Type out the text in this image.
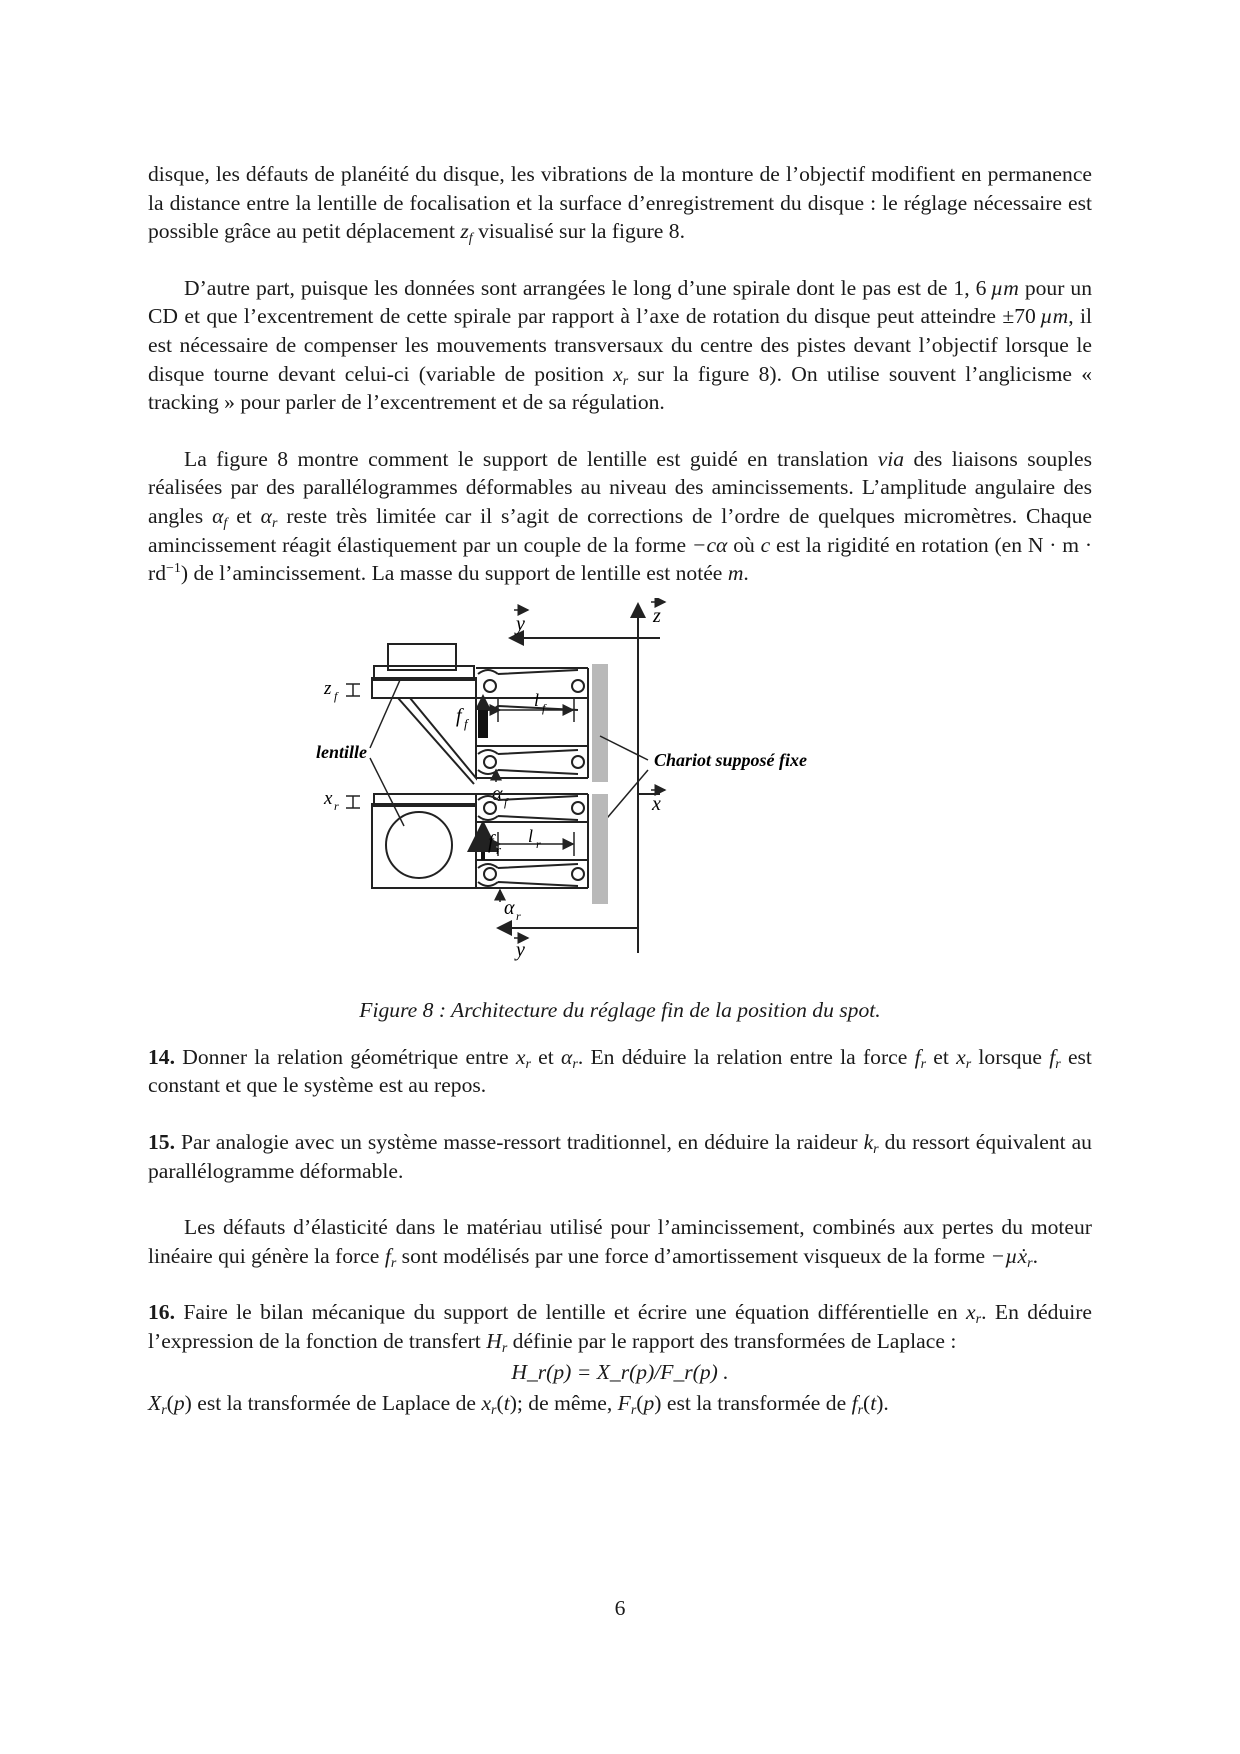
disque, les défauts de planéité du disque, les vibrations de la monture de l’objectif modifient en permanence la distance entre la lentille de focalisation et la surface d’enregistrement du disque : le réglage nécessaire est possible grâce au petit déplacement $z_f$ visualisé sur la figure 8.

D’autre part, puisque les données sont arrangées le long d’une spirale dont le pas est de 1, 6  µm pour un CD et que l’excentrement de cette spirale par rapport à l’axe de rotation du disque peut atteindre ±70  µm, il est nécessaire de compenser les mouvements transversaux du centre des pistes devant l’objectif lorsque le disque tourne devant celui-ci (variable de position $x_r$ sur la figure 8). On utilise souvent l’anglicisme « tracking » pour parler de l’excentrement et de sa régulation.

La figure 8 montre comment le support de lentille est guidé en translation via des liaisons souples réalisées par des parallélogrammes déformables au niveau des amincissements. L’amplitude angulaire des angles $\alpha_f$ et $\alpha_r$ reste très limitée car il s’agit de corrections de l’ordre de quelques micromètres. Chaque amincissement réagit élastiquement par un couple de la forme −cα où c est la rigidité en rotation (en $N \cdot m \cdot rd^{-1}$) de l’amincissement. La masse du support de lentille est notée m.

y	z
l f
f f
z f
α f
lentille	Chariot supposé fixe
l r
f r
x r
α r
x
y
Figure 8 : Architecture du réglage fin de la position du spot.

14. Donner la relation géométrique entre $x_r$ et $\alpha_r$. En déduire la relation entre la force $f_r$ et $x_r$ lorsque $f_r$ est constant et que le système est au repos.

15. Par analogie avec un système masse-ressort traditionnel, en déduire la raideur $k_r$ du ressort équivalent au parallélogramme déformable.

Les défauts d’élasticité dans le matériau utilisé pour l’amincissement, combinés aux pertes du moteur linéaire qui génère la force $f_r$ sont modélisés par une force d’amortissement visqueux de la forme −µẋ$_r$.

16. Faire le bilan mécanique du support de lentille et écrire une équation différentielle en $x_r$. En déduire l’expression de la fonction de transfert $H_r$ définie par le rapport des transformées de Laplace :

H_r(p) = X_r(p)/F_r(p) .

$X_r(p)$ est la transformée de Laplace de $x_r(t)$; de même, $F_r(p)$ est la transformée de $f_r(t)$.

6
